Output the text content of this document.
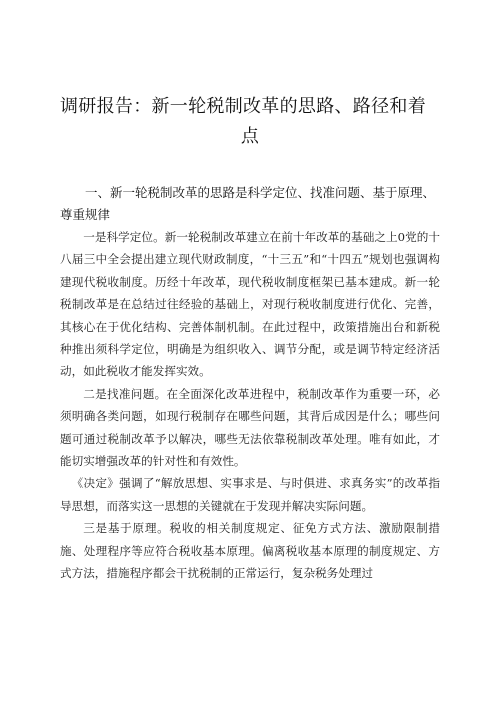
调研报告：新一轮税制改革的思路、路径和着
点
一、新一轮税制改革的思路是科学定位、找准问题、基于原理、尊重规律

一是科学定位。新一轮税制改革建立在前十年改革的基础之上0党的十八届三中全会提出建立现代财政制度，“十三五”和“十四五”规划也强调构建现代税收制度。历经十年改革，现代税收制度框架已基本建成。新一轮税制改革是在总结过往经验的基础上，对现行税收制度进行优化、完善，其核心在于优化结构、完善体制机制。在此过程中，政策措施出台和新税种推出须科学定位，明确是为组织收入、调节分配，或是调节特定经济活动，如此税收才能发挥实效。

二是找准问题。在全面深化改革进程中，税制改革作为重要一环，必须明确各类问题，如现行税制存在哪些问题，其背后成因是什么；哪些问题可通过税制改革予以解决，哪些无法依靠税制改革处理。唯有如此，才能切实增强改革的针对性和有效性。

《决定》强调了“解放思想、实事求是、与时俱进、求真务实”的改革指导思想，而落实这一思想的关键就在于发现并解决实际问题。

三是基于原理。税收的相关制度规定、征免方式方法、激励限制措施、处理程序等应符合税收基本原理。偏离税收基本原理的制度规定、方式方法，措施程序都会干扰税制的正常运行，复杂税务处理过
